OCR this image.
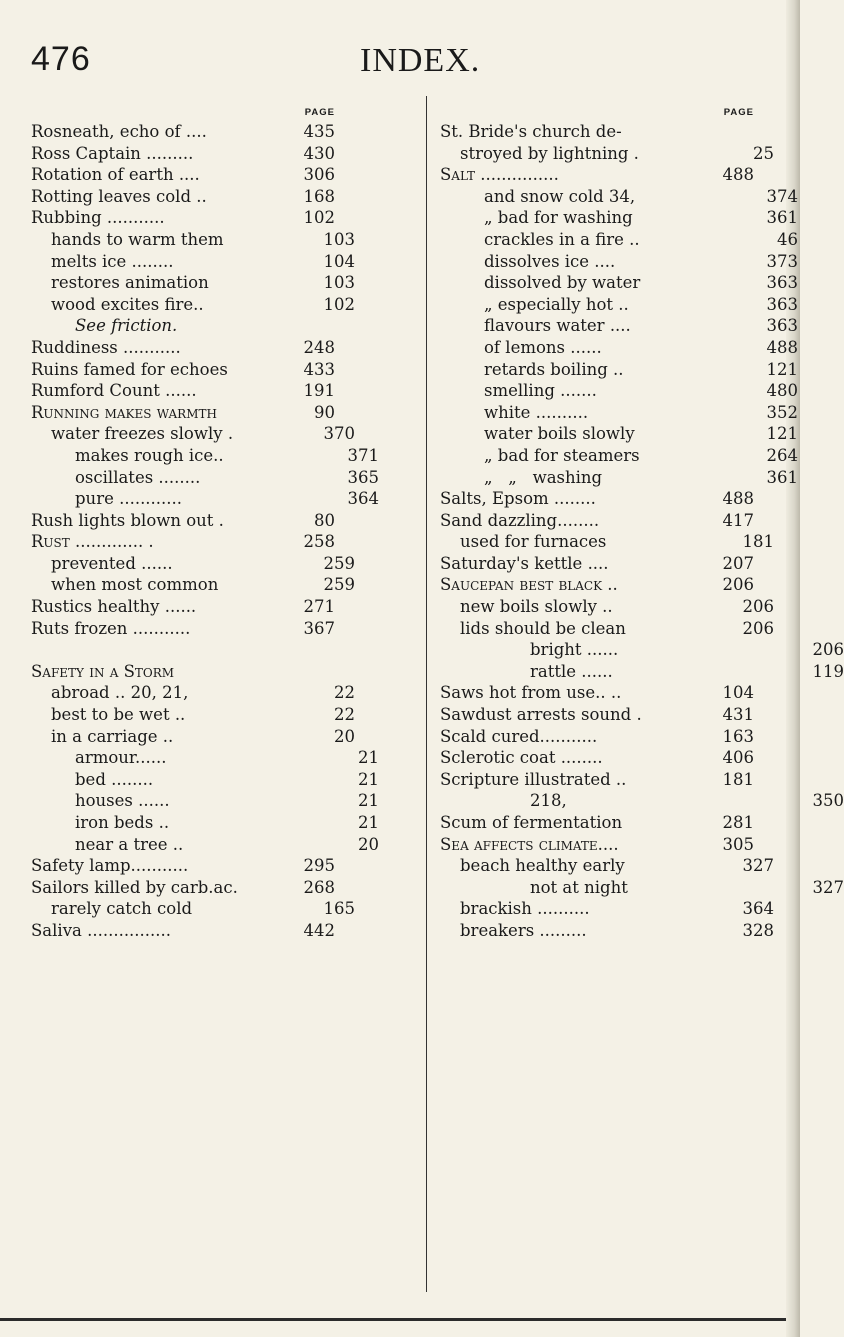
476	INDEX.
PAGE
Rosneath, echo of ....	435
Ross Captain .........	430
Rotation of earth ....	306
Rotting leaves cold ..	168
Rubbing ...........	102
hands to warm them	103
melts ice ........	104
restores animation	103
wood excites fire..	102
See friction.
Ruddiness ...........	248
Ruins famed for echoes	433
Rumford Count ......	191
Running makes warmth	90
water freezes slowly .	370
makes rough ice..	371
oscillates ........	365
pure ............	364
Rush lights blown out .	80
Rust ............. .	258
prevented ......	259
when most common	259
Rustics healthy ......	271
Ruts frozen ...........	367
Safety in a Storm
abroad .. 20, 21,	22
best to be wet ..	22
in a carriage ..	20
armour......	21
bed ........	21
houses ......	21
iron beds ..	21
near a tree ..	20
Safety lamp...........	295
Sailors killed by carb.ac.	268
rarely catch cold	165
Saliva ................	442
PAGE
St. Bride's church de-
stroyed by lightning .	25
Salt ...............	488
and snow cold 34,	374
„ bad for washing	361
crackles in a fire ..	46
dissolves ice ....	373
dissolved by water	363
„ especially hot ..	363
flavours water ....	363
of lemons ......	488
retards boiling ..	121
smelling .......	480
white ..........	352
water boils slowly	121
„ bad for steamers	264
„   „   washing	361
Salts, Epsom ........	488
Sand dazzling........	417
used for furnaces	181
Saturday's kettle ....	207
Saucepan best black ..	206
new boils slowly ..	206
lids should be clean	206
bright ......	206
rattle ......	119
Saws hot from use.. ..	104
Sawdust arrests sound .	431
Scald cured...........	163
Sclerotic coat ........	406
Scripture illustrated ..	181
218,	350
Scum of fermentation	281
Sea affects climate....	305
beach healthy early	327
not at night	327
brackish ..........	364
breakers .........	328
